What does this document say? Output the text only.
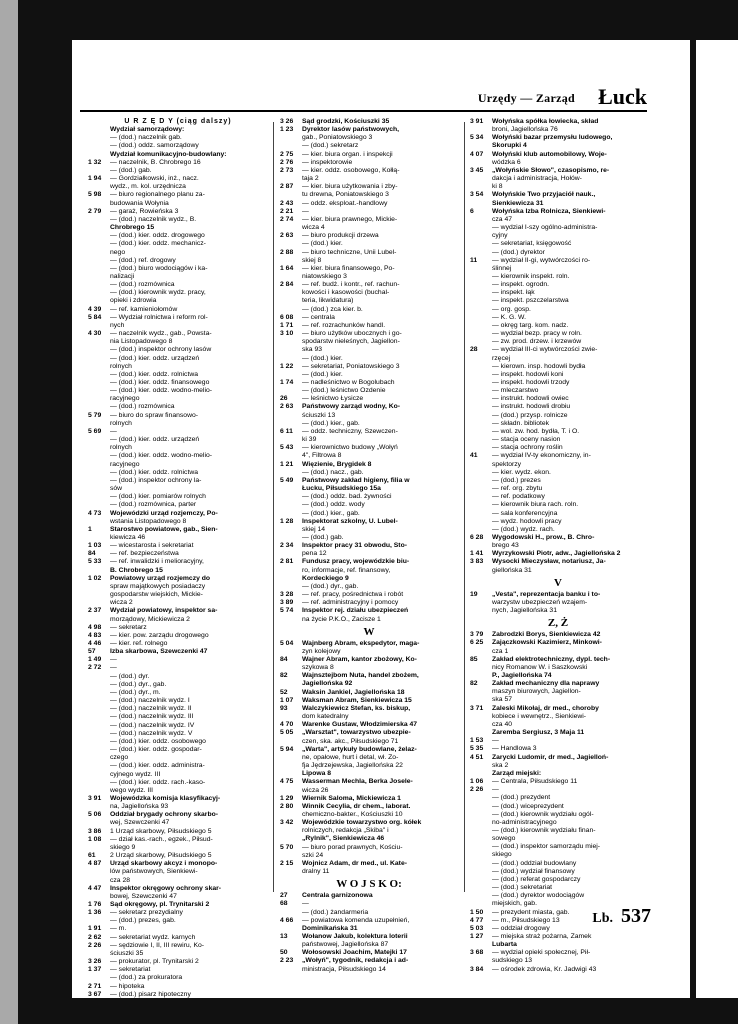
Urzędy — Zarząd Łuck
U R Z Ę D Y (ciąg dalszy)
Wydział samorządowy:
— (dod.) naczelnik gab.
— (dod.) oddz. samorządowy
Wydział komunikacyjno-budowlany:
1 32	— naczelnik, B. Chrobrego 16
— (dod.) gab.
1 94	— Gordziałkowski, inż., nacz.
wydz., m. kol. urzędnicza
5 98	— biuro regionalnego planu za-
budowania Wołynia
2 79	— garaż, Rowieńska 3
— (dod.) naczelnik wydz., B.
Chrobrego 15
— (dod.) kier. oddz. drogowego
— (dod.) kier. oddz. mechanicz-
nego
— (dod.) ref. drogowy
— (dod.) biuro wodociągów i ka-
nalizacji
— (dod.) rozmównica
— (dod.) kierownik wydz. pracy,
opieki i zdrowia
4 39	— ref. kamieniołomów
5 84	— Wydział rolnictwa i reform rol-
nych
4 30	— naczelnik wydz., gab., Powsta-
nia Listopadowego 8
— (dod.) inspektor ochrony lasów
— (dod.) kier. oddz. urządzeń
rolnych
— (dod.) kier. oddz. rolnictwa
— (dod.) kier. oddz. finansowego
— (dod.) kier. oddz. wodno-melio-
racyjnego
— (dod.) rozmównica
5 79	— biuro do spraw finansowo-
rolnych
5 69	—
— (dod.) kier. oddz. urządzeń
rolnych
— (dod.) kier. oddz. wodno-melio-
racyjnego
— (dod.) kier. oddz. rolnictwa
— (dod.) inspektor ochrony la-
sów
— (dod.) kier. pomiarów rolnych
— (dod.) rozmównica, parter
4 73	Wojewódzki urząd rozjemczy, Po-
wstania Listopadowego 8
1	Starostwo powiatowe, gab., Sien-
kiewicza 46
1 03	— wicestarosta i sekretariat
84	— ref. bezpieczeństwa
5 33	— ref. inwalidzki i melioracyjny,
B. Chrobrego 15
1 02	Powiatowy urząd rozjemczy do
spraw majątkowych posiadaczy
gospodarstw wiejskich, Mickie-
wicza 2
2 37	Wydział powiatowy, inspektor sa-
morządowy, Mickiewicza 2
4 98	— sekretarz
4 83	— kier. pow. zarządu drogowego
4 46	— kier. ref. rolnego
57	Izba skarbowa, Szewczenki 47
1 49	—
2 72	—
— (dod.) dyr.
— (dod.) dyr., gab.
— (dod.) dyr., m.
— (dod.) naczelnik wydz. I
— (dod.) naczelnik wydz. II
— (dod.) naczelnik wydz. III
— (dod.) naczelnik wydz. IV
— (dod.) naczelnik wydz. V
— (dod.) kier. oddz. osobowego
— (dod.) kier. oddz. gospodar-
czego
— (dod.) kier. oddz. administra-
cyjnego wydz. III
— (dod.) kier. oddz. rach.-kaso-
wego wydz. III
3 91	Wojewódzka komisja klasyfikacyj-
na, Jagiellońska 93
5 06	Oddział brygady ochrony skarbo-
wej, Szewczenki 47
3 86	1 Urząd skarbowy, Piłsudskiego 5
1 08	— dział kas.-rach., egzek., Piłsud-
skiego 9
61	2 Urząd skarbowy, Piłsudskiego 5
4 87	Urząd skarbowy akcyz i monopo-
lów państwowych, Sienkiewi-
cza 28
4 47	Inspektor okręgowy ochrony skar-
bowej, Szewczenki 47
1 76	Sąd okręgowy, pl. Trynitarski 2
1 36	— sekretarz prezydialny
— (dod.) prezes, gab.
1 91	— m.
2 62	— sekretariat wydz. karnych
2 26	— sędziowie I, II, III rewiru, Ko-
ściuszki 35
3 26	— prokurator, pl. Trynitarski 2
1 37	— sekretariat
— (dod.) za prokuratora
2 71	— hipoteka
3 67	— (dod.) pisarz hipoteczny
3 26	Sąd grodzki, Kościuszki 35
1 23	Dyrektor lasów państwowych,
gab., Poniatowskiego 3
— (dod.) sekretarz
2 75	— kier. biura organ. i inspekcji
2 76	— inspektorowie
2 73	— kier. oddz. osobowego, Kołłą-
taja 2
2 87	— kier. biura użytkowania i zby-
tu drewna, Poniatowskiego 3
2 43	— oddz. eksploat.-handlowy
2 21	—
2 74	— kier. biura prawnego, Mickie-
wicza 4
2 63	— biuro produkcji drzewa
— (dod.) kier.
2 88	— biuro techniczne, Unii Lubel-
skiej 8
1 64	— kier. biura finansowego, Po-
niatowskiego 3
2 84	— ref. budż. i kontr., ref. rachun-
kowości i kasowości (buchal-
teria, likwidatura)
— (dod.) zca kier. b.
6 08	— centrala
1 71	— ref. rozrachunków handl.
3 10	— biuro użytków ubocznych i go-
spodarstw nieleśnych, Jagiellon-
ska 93
— (dod.) kier.
1 22	— sekretariat, Poniatowskiego 3
— (dod.) kier.
1 74	— nadleśnictwo w Bogolubach
— (dod.) leśnictwo Ozdenie
26	— leśnictwo Łysicze
2 63	Państwowy zarząd wodny, Ko-
ściuszki 13
— (dod.) kier., gab.
6 11	— oddz. techniczny, Szewczen-
ki 39
5 43	— kierownictwo budowy „Wołyń
4", Filtrowa 8
1 21	Więzienie, Brygidek 8
— (dod.) nacz., gab.
5 49	Państwowy zakład higieny, filia w
Łucku, Piłsudskiego 15a
— (dod.) oddz. bad. żywności
— (dod.) oddz. wody
— (dod.) kier., gab.
1 28	Inspektorat szkolny, U. Lubel-
skiej 14
— (dod.) gab.
2 34	Inspektor pracy 31 obwodu, Sto-
pena 12
2 81	Fundusz pracy, wojewódzkie biu-
ro, informacje, ref. finansowy,
Kordeckiego 9
— (dod.) dyr., gab.
3 28	— ref. pracy, pośrednictwa i robót
3 89	— ref. administracyjny i pomocy
5 74	Inspektor rej. działu ubezpieczeń
na życie P.K.O., Zacisze 1
W
5 04	Wajnberg Abram, ekspedytor, maga-
zyn kolejowy
84	Wajner Abram, kantor zbożowy, Ko-
szykowa 8
82	Wajnsztejbom Nuta, handel zbożem,
Jagiellońska 92
52	Waksin Jankiel, Jagiellońska 18
1 07	Waksman Abram, Sienkiewicza 15
93	Walczykiewicz Stefan, ks. biskup,
dom katedralny
4 70	Warenke Gustaw, Włodzimierska 47
5 05	„Warsztat", towarzystwo ubezpie-
czen, ska. akc., Piłsudskiego 71
5 94	„Warta", artykuły budowlane, żelaz-
ne, opałowe, hurt i detal, wł. Zo-
fja Jędrzejewska, Jagiellońska 22
Lipowa 8
4 75	Wasserman Mechla, Berka Josele-
wicza 26
1 29	Wiernik Saloma, Mickiewicza 1
2 80	Winnik Cecylia, dr chem., laborat.
chemiczno-bakter., Kościuszki 10
3 42	Wojewódzkie towarzystwo org. kółek
rolniczych, redakcja „Skiba" i
„Rylnik", Sienkiewicza 46
5 70	— biuro porad prawnych, Kościu-
szki 24
2 15	Wojnicz Adam, dr med., ul. Kate-
dralny 11
W O J S K O:
27	Centrala garnizonowa
68	—
— (dod.) żandarmeria
4 66	— powiatowa komenda uzupełnień,
Dominikańska 31
13	Wołanow Jakub, kolektura loterii
państwowej, Jagiellońska 87
50	Wołosowski Joachim, Matejki 17
2 23	„Wołyń", tygodnik, redakcja i ad-
ministracja, Piłsudskiego 14
3 91	Wołyńska spółka łowiecka, skład
broni, Jagiellońska 76
5 34	Wołyński bazar przemysłu ludowego,
Skorupki 4
4 07	Wołyński klub automobilowy, Woje-
wódzka 6
3 45	„Wołyńskie Słowo", czasopismo, re-
dakcja i administracja, Hołów-
ki 8
3 54	Wołyńskie Two przyjaciół nauk.,
Sienkiewicza 31
6	Wołyńska Izba Rolnicza, Sienkiewi-
cza 47
— wydział I-szy ogólno-administra-
cyjny
— sekretariat, księgowość
— (dod.) dyrektor
11	— wydział II-gi, wytwórczości ro-
ślinnej
— kierownik inspekt. roln.
— inspekt. ogrodn.
— inspekt. łąk
— inspekt. pszczelarstwa
— org. gosp.
— K. G. W.
— okręg targ. kom. nadz.
— wydział bezp. pracy w roln.
— zw. prod. drzew. i krzewów
28	— wydział III-ci wytwórczości zwie-
rzęcej
— kierown. insp. hodowli bydła
— inspekt. hodowli koni
— inspekt. hodowli trzody
— mleczarstwo
— instrukt. hodowli owiec
— instrukt. hodowli drobiu
— (dod.) przysp. rolnicze
— składn. bibliotek
— wol. zw. hod. bydła, T. i O.
— stacja oceny nasion
— stacja ochrony roślin
41	— wydział IV-ty ekonomiczny, in-
spektorzy
— kier. wydz. ekon.
— (dod.) prezes
— ref. org. zbytu
— ref. podatkowy
— kierownik biura rach. roln.
— sala konferencyjna
— wydz. hodowli pracy
— (dod.) wydz. rach.
6 28	Wygodowski H., prow., B. Chro-
brego 43
1 41	Wyrzykowski Piotr, adw., Jagiellońska 2
3 83	Wysocki Mieczysław, notariusz, Ja-
giellońska 31
V
19	„Vesta", reprezentacja banku i to-
warzystw ubezpieczeń wzajem-
nych, Jagiellońska 31
Z, Ż
3 79	Zabrodzki Borys, Sienkiewicza 42
6 25	Zajączkowski Kazimierz, Minkowi-
cza 1
85	Zakład elektrotechniczny, dypl. tech-
nicy Romanow W. i Saszkowski
P., Jagiellońska 74
82	Zakład mechaniczny dla naprawy
maszyn biurowych, Jagiellon-
ska 57
3 71	Zaleski Mikołaj, dr med., choroby
kobiece i wewnętrz., Sienkiewi-
cza 40
Zaremba Sergiusz, 3 Maja 11
1 53	—
5 35	— Handlowa 3
4 51	Zarycki Ludomir, dr med., Jagielloń-
ska 2
Zarząd miejski:
1 06	— Centrala, Piłsudskiego 11
2 26	—
— (dod.) prezydent
— (dod.) wiceprezydent
— (dod.) kierownik wydziału ogól-
no-administracyjnego
— (dod.) kierownik wydziału finan-
sowego
— (dod.) inspektor samorządu miej-
skiego
— (dod.) oddział budowlany
— (dod.) wydział finansowy
— (dod.) referat gospodarczy
— (dod.) sekretariat
— (dod.) dyrektor wodociągów
miejskich, gab.
1 50	— prezydent miasta, gab.
4 77	— m., Piłsudskiego 13
5 03	— oddział drogowy
1 27	— miejska straż pożarna, Zamek
Lubarta
3 68	— wydział opieki społecznej, Pił-
sudskiego 13
3 84	— ośrodek zdrowia, Kr. Jadwigi 43
Lb. 537
